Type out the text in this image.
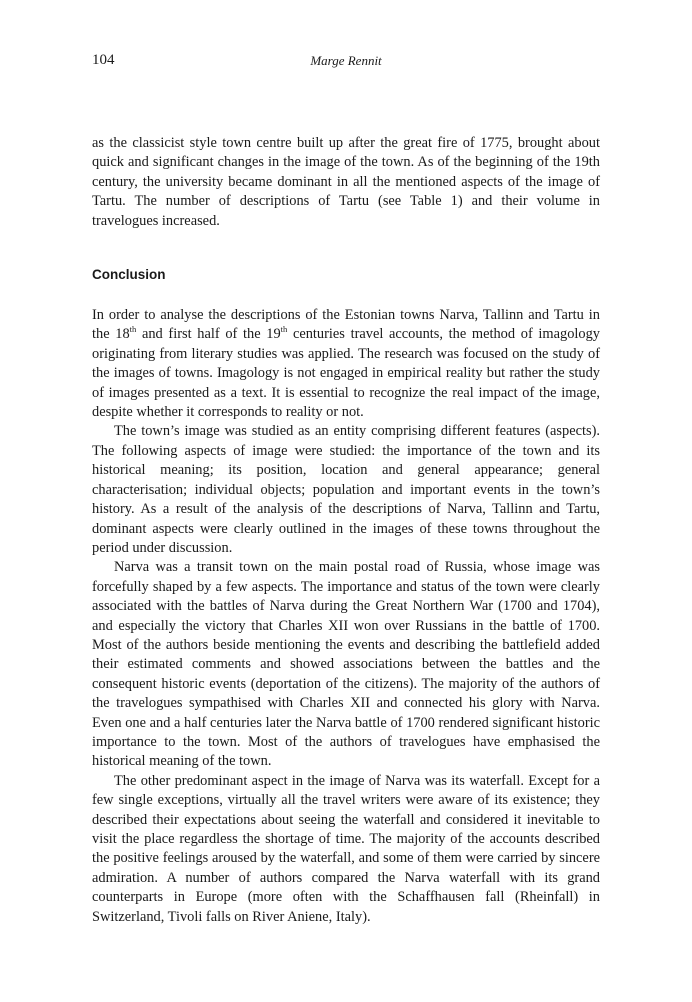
104	Marge Rennit

as the classicist style town centre built up after the great fire of 1775, brought about quick and significant changes in the image of the town. As of the beginning of the 19th century, the university became dominant in all the mentioned aspects of the image of Tartu. The number of descriptions of Tartu (see Table 1) and their volume in travelogues increased.

Conclusion

In order to analyse the descriptions of the Estonian towns Narva, Tallinn and Tartu in the 18th and first half of the 19th centuries travel accounts, the method of imagology originating from literary studies was applied. The research was focused on the study of the images of towns. Imagology is not engaged in empirical reality but rather the study of images presented as a text. It is essential to recognize the real impact of the image, despite whether it corresponds to reality or not.

The town’s image was studied as an entity comprising different features (aspects). The following aspects of image were studied: the importance of the town and its historical meaning; its position, location and general appearance; general characterisation; individual objects; population and important events in the town’s history. As a result of the analysis of the descriptions of Narva, Tallinn and Tartu, dominant aspects were clearly outlined in the images of these towns throughout the period under discussion.

Narva was a transit town on the main postal road of Russia, whose image was forcefully shaped by a few aspects. The importance and status of the town were clearly associated with the battles of Narva during the Great Northern War (1700 and 1704), and especially the victory that Charles XII won over Russians in the battle of 1700. Most of the authors beside mentioning the events and describing the battlefield added their estimated comments and showed associations between the battles and the consequent historic events (deportation of the citizens). The majority of the authors of the travelogues sympathised with Charles XII and connected his glory with Narva. Even one and a half centuries later the Narva battle of 1700 rendered significant historic importance to the town. Most of the authors of travelogues have emphasised the historical meaning of the town.

The other predominant aspect in the image of Narva was its waterfall. Except for a few single exceptions, virtually all the travel writers were aware of its existence; they described their expectations about seeing the waterfall and considered it inevitable to visit the place regardless the shortage of time. The majority of the accounts described the positive feelings aroused by the waterfall, and some of them were carried by sincere admiration. A number of authors compared the Narva waterfall with its grand counterparts in Europe (more often with the Schaffhausen fall (Rheinfall) in Switzerland, Tivoli falls on River Aniene, Italy).
